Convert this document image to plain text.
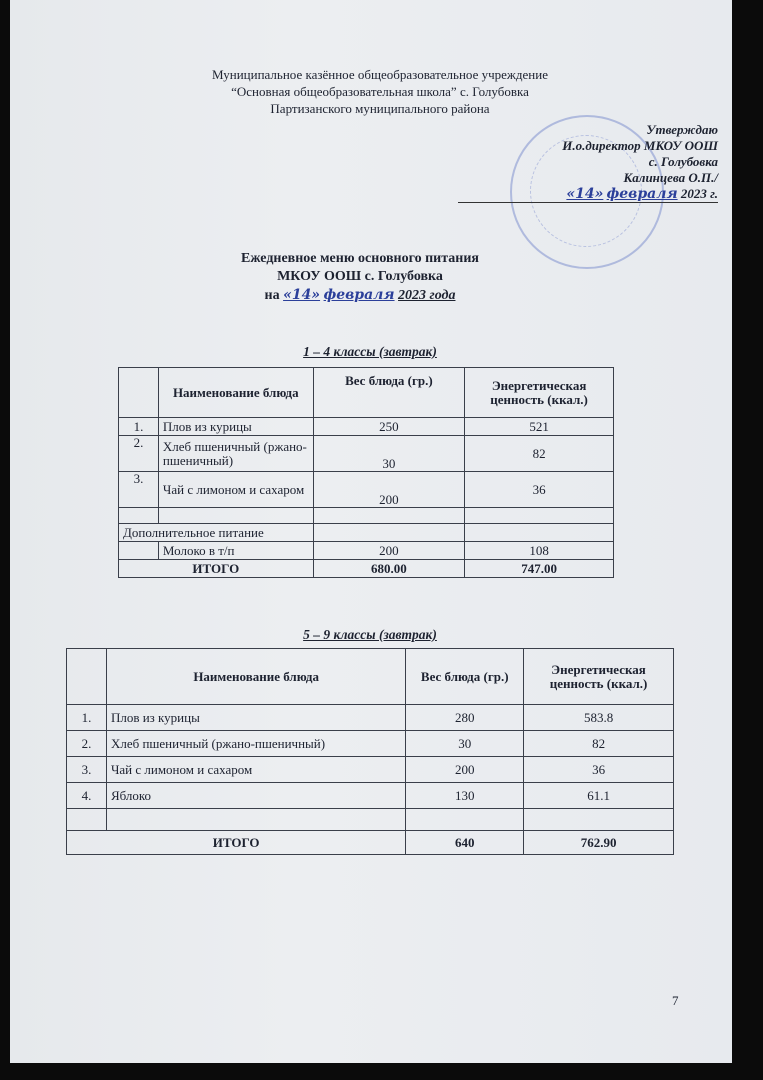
Муниципальное казённое общеобразовательное учреждение
“Основная общеобразовательная школа” с. Голубовка
Партизанского муниципального района
Утверждаю
И.о.директор МКОУ ООШ
с. Голубовка
Калинцева О.П./
«14» февраля 2023 г.
Ежедневное меню основного питания
МКОУ ООШ с. Голубовка
на «14» февраля 2023 года
1 – 4 классы (завтрак)
	Наименование блюда	Вес блюда (гр.)	Энергетическая ценность (ккал.)
1.	Плов из курицы	250	521
2.	Хлеб пшеничный (ржано-пшеничный)	30	82
3.	Чай с лимоном и сахаром	200	36

Дополнительное питание			
	Молоко в т/п	200	108
ИТОГО		680.00	747.00
5 – 9 классы (завтрак)
	Наименование блюда	Вес блюда (гр.)	Энергетическая ценность (ккал.)
1.	Плов из курицы	280	583.8
2.	Хлеб пшеничный (ржано-пшеничный)	30	82
3.	Чай с лимоном и сахаром	200	36
4.	Яблоко	130	61.1

ИТОГО		640	762.90
7
